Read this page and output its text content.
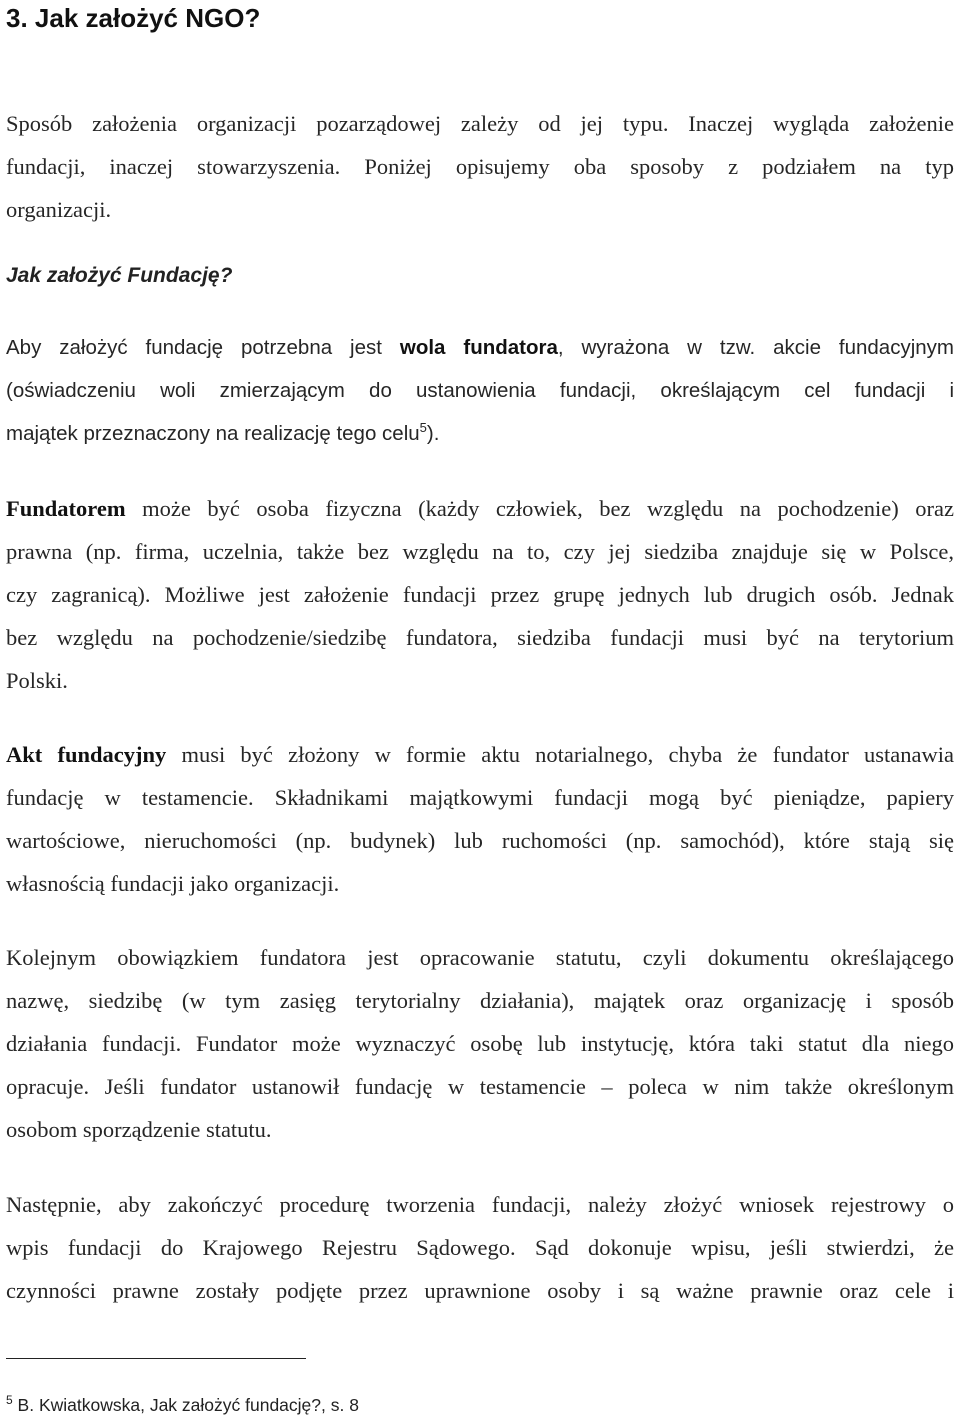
3. Jak założyć NGO?
Sposób założenia organizacji pozarządowej zależy od jej typu. Inaczej wygląda założenie
fundacji, inaczej stowarzyszenia. Poniżej opisujemy oba sposoby z podziałem na typ
organizacji.
Jak założyć Fundację?
Aby założyć fundację potrzebna jest wola fundatora, wyrażona w tzw. akcie fundacyjnym
(oświadczeniu woli zmierzającym do ustanowienia fundacji, określającym cel fundacji i
majątek przeznaczony na realizację tego celu$^5$).
Fundatorem może być osoba fizyczna (każdy człowiek, bez względu na pochodzenie) oraz
prawna (np. firma, uczelnia, także bez względu na to, czy jej siedziba znajduje się w Polsce,
czy zagranicą). Możliwe jest założenie fundacji przez grupę jednych lub drugich osób. Jednak
bez względu na pochodzenie/siedzibę fundatora, siedziba fundacji musi być na terytorium
Polski.
Akt fundacyjny musi być złożony w formie aktu notarialnego, chyba że fundator ustanawia
fundację w testamencie. Składnikami majątkowymi fundacji mogą być pieniądze, papiery
wartościowe, nieruchomości (np. budynek) lub ruchomości (np. samochód), które stają się
własnością fundacji jako organizacji.
Kolejnym obowiązkiem fundatora jest opracowanie statutu, czyli dokumentu określającego
nazwę, siedzibę (w tym zasięg terytorialny działania), majątek oraz organizację i sposób
działania fundacji. Fundator może wyznaczyć osobę lub instytucję, która taki statut dla niego
opracuje. Jeśli fundator ustanowił fundację w testamencie – poleca w nim także określonym
osobom sporządzenie statutu.
Następnie, aby zakończyć procedurę tworzenia fundacji, należy złożyć wniosek rejestrowy o
wpis fundacji do Krajowego Rejestru Sądowego. Sąd dokonuje wpisu, jeśli stwierdzi, że
czynności prawne zostały podjęte przez uprawnione osoby i są ważne prawnie oraz cele i
$^5$ B. Kwiatkowska, Jak założyć fundację?, s. 8
